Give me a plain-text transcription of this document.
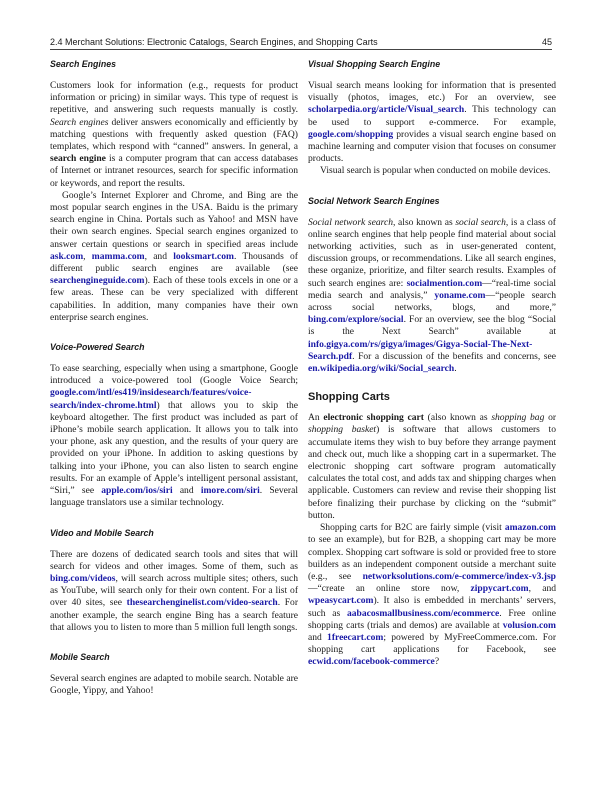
2.4 Merchant Solutions: Electronic Catalogs, Search Engines, and Shopping Carts	45
Search Engines

Customers look for information (e.g., requests for product information or pricing) in similar ways. This type of request is repetitive, and answering such requests manually is costly. Search engines deliver answers economically and efficiently by matching questions with frequently asked question (FAQ) templates, which respond with “canned” answers. In general, a search engine is a computer program that can access databases of Internet or intranet resources, search for specific information or keywords, and report the results.

Google’s Internet Explorer and Chrome, and Bing are the most popular search engines in the USA. Baidu is the primary search engine in China. Portals such as Yahoo! and MSN have their own search engines. Special search engines organized to answer certain questions or search in specified areas include ask.com, mamma.com, and looksmart.com. Thousands of different public search engines are available (see searchengineguide.com). Each of these tools excels in one or a few areas. These can be very specialized with different capabilities. In addition, many companies have their own enterprise search engines.

Voice-Powered Search

To ease searching, especially when using a smartphone, Google introduced a voice-powered tool (Google Voice Search; google.com/intl/es419/insidesearch/features/voice-search/index-chrome.html) that allows you to skip the keyboard altogether. The first product was included as part of iPhone’s mobile search application. It allows you to talk into your phone, ask any question, and the results of your query are provided on your iPhone. In addition to asking questions by talking into your iPhone, you can also listen to search engine results. For an example of Apple’s intelligent personal assistant, “Siri,” see apple.com/ios/siri and imore.com/siri. Several language translators use a similar technology.

Video and Mobile Search

There are dozens of dedicated search tools and sites that will search for videos and other images. Some of them, such as bing.com/videos, will search across multiple sites; others, such as YouTube, will search only for their own content. For a list of over 40 sites, see thesearchenginelist.com/video-search. For another example, the search engine Bing has a search feature that allows you to listen to more than 5 million full length songs.

Mobile Search

Several search engines are adapted to mobile search. Notable are Google, Yippy, and Yahoo!

Visual Shopping Search Engine

Visual search means looking for information that is presented visually (photos, images, etc.) For an overview, see scholarpedia.org/article/Visual_search. This technology can be used to support e-commerce. For example, google.com/shopping provides a visual search engine based on machine learning and computer vision that focuses on consumer products.

Visual search is popular when conducted on mobile devices.

Social Network Search Engines

Social network search, also known as social search, is a class of online search engines that help people find material about social networking activities, such as in user-generated content, discussion groups, or recommendations. Like all search engines, these organize, prioritize, and filter search results. Examples of such search engines are: socialmention.com—“real-time social media search and analysis,” yoname.com—“people search across social networks, blogs, and more,” bing.com/explore/social. For an overview, see the blog “Social is the Next Search” available at info.gigya.com/rs/gigya/images/Gigya-Social-The-Next-Search.pdf. For a discussion of the benefits and concerns, see en.wikipedia.org/wiki/Social_search.

Shopping Carts

An electronic shopping cart (also known as shopping bag or shopping basket) is software that allows customers to accumulate items they wish to buy before they arrange payment and check out, much like a shopping cart in a supermarket. The electronic shopping cart software program automatically calculates the total cost, and adds tax and shipping charges when applicable. Customers can review and revise their shopping list before finalizing their purchase by clicking on the “submit” button.

Shopping carts for B2C are fairly simple (visit amazon.com to see an example), but for B2B, a shopping cart may be more complex. Shopping cart software is sold or provided free to store builders as an independent component outside a merchant suite (e.g., see networksolutions.com/e-commerce/index-v3.jsp—“create an online store now, zippycart.com, and wpeasycart.com). It also is embedded in merchants’ servers, such as aabacosmallbusiness.com/ecommerce. Free online shopping carts (trials and demos) are available at volusion.com and 1freecart.com; powered by MyFreeCommerce.com. For shopping cart applications for Facebook, see ecwid.com/facebook-commerce?
